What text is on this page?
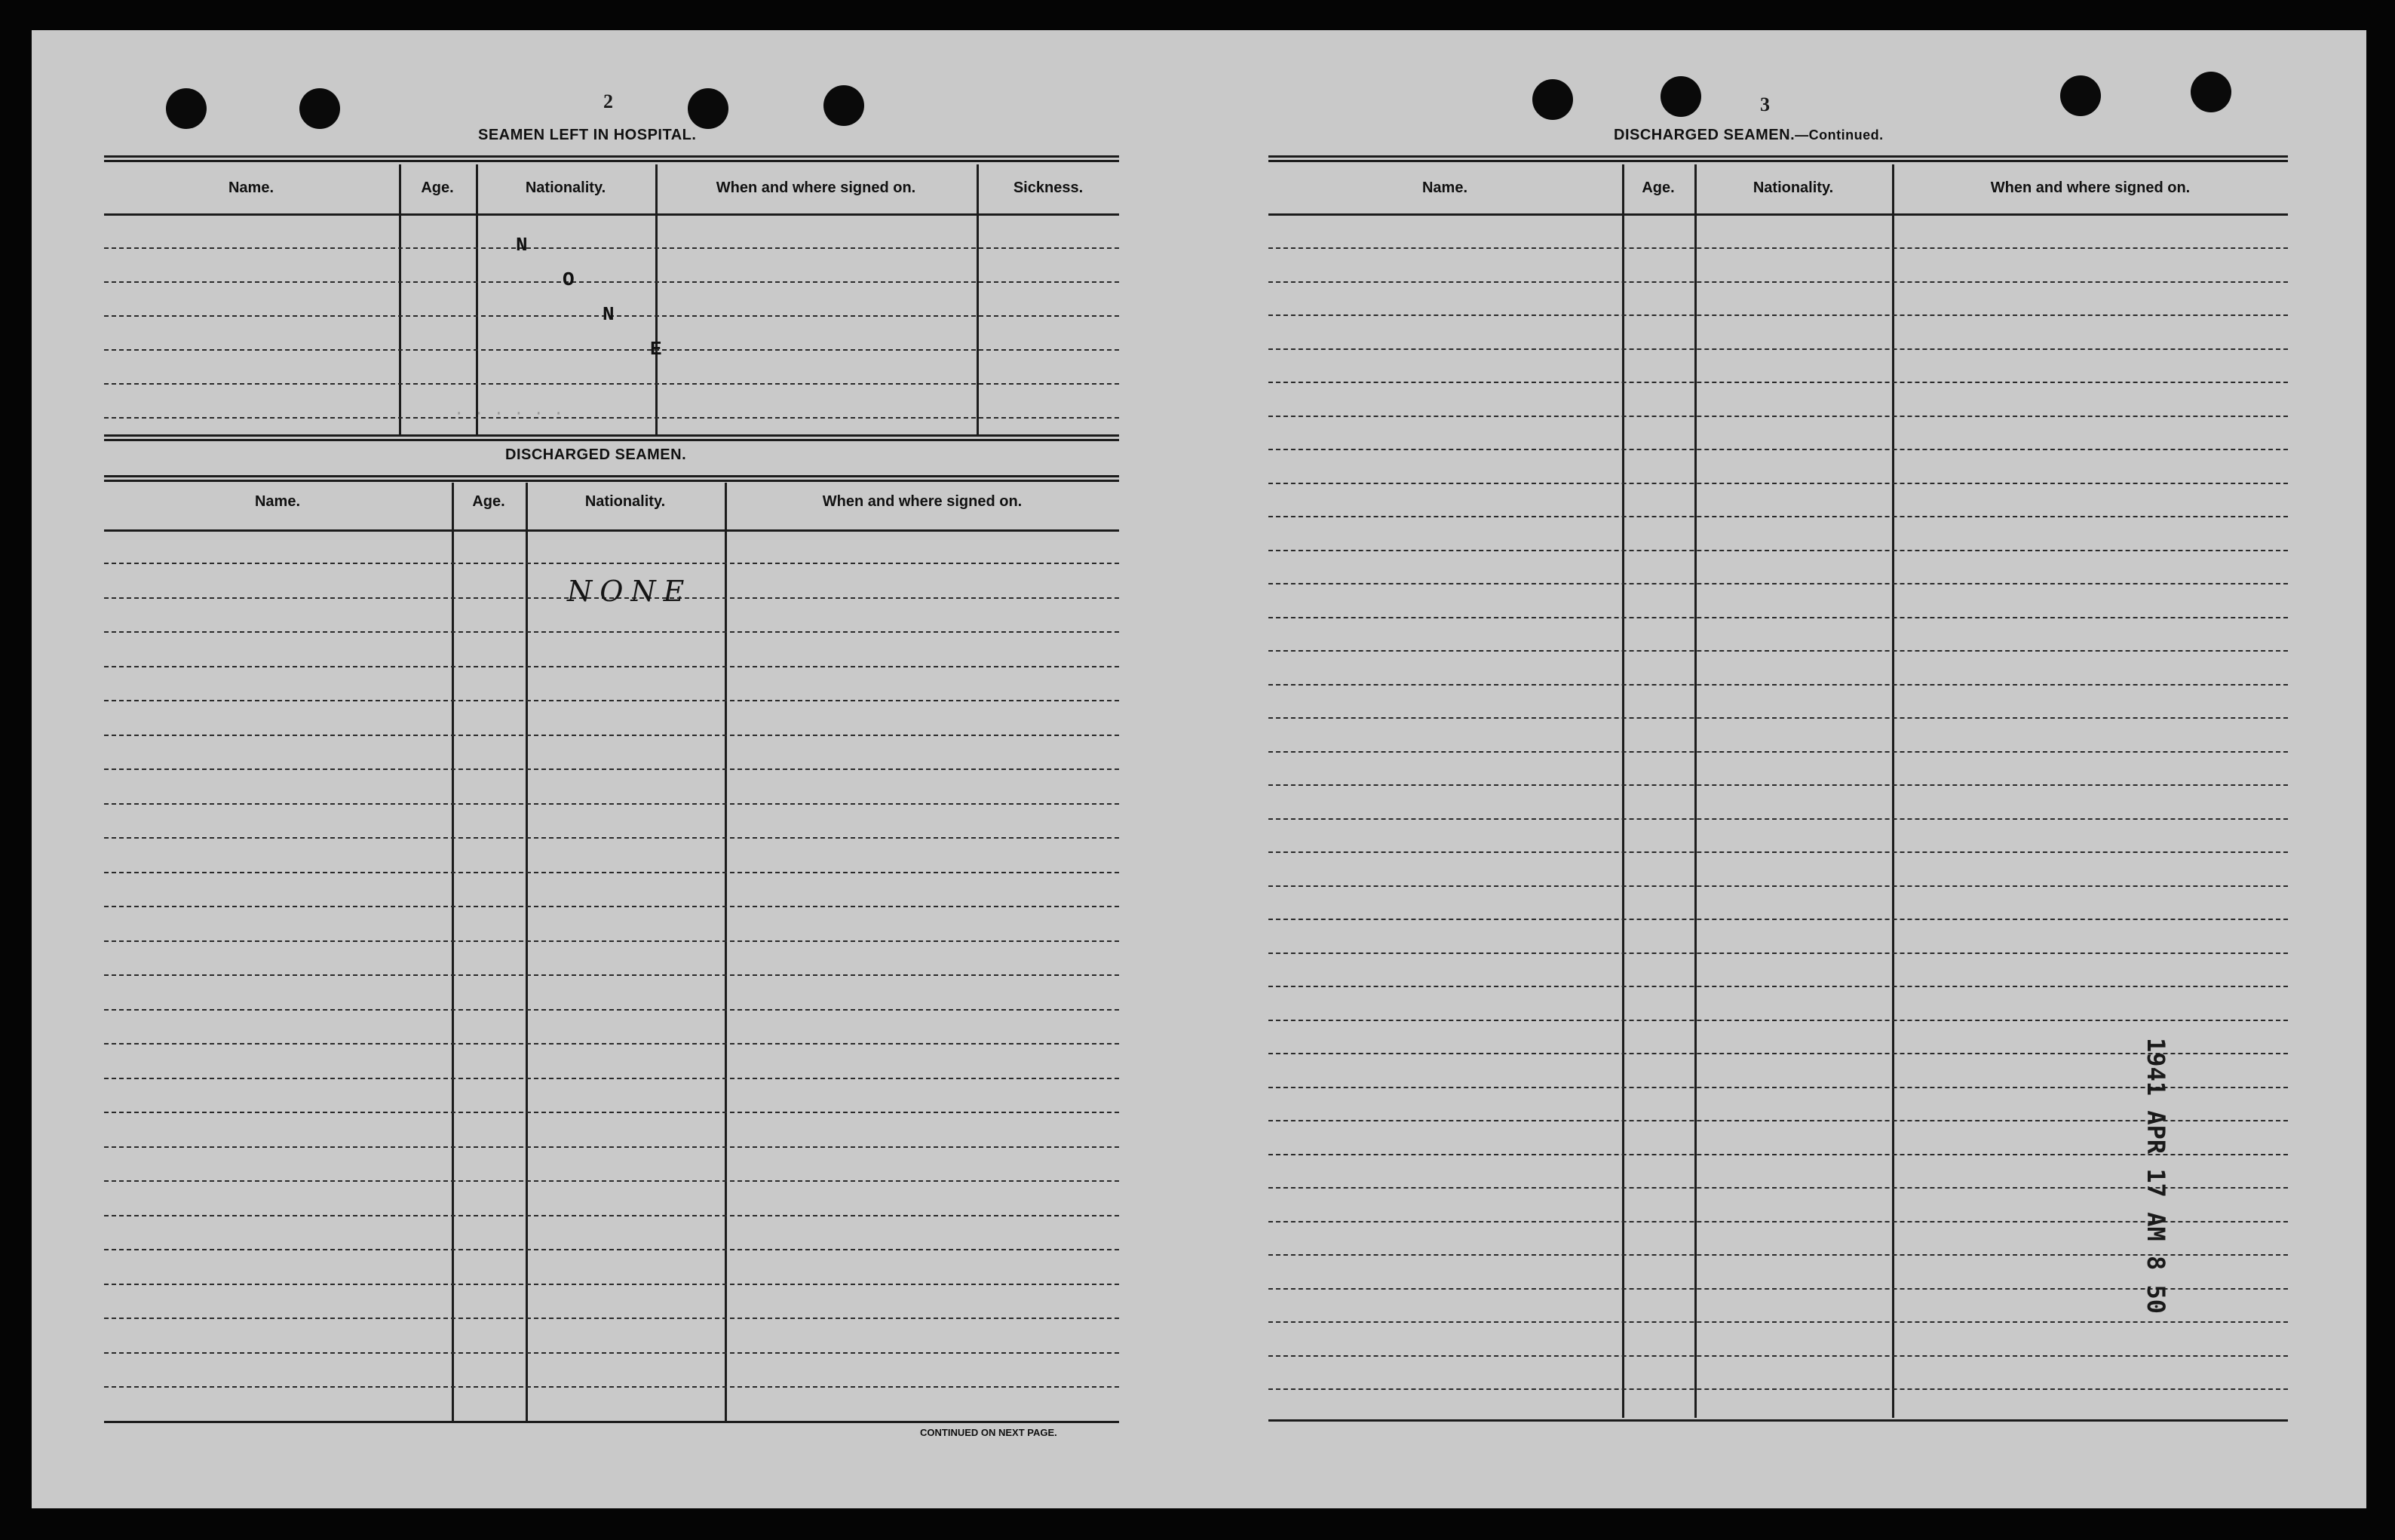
2
SEAMEN LEFT IN HOSPITAL.
Name.	Age.	Nationality.	When and where signed on.	Sickness.
N
O
N
E
DISCHARGED SEAMEN.
Name.	Age.	Nationality.	When and where signed on.
NONE
CONTINUED ON NEXT PAGE.
· · · · · ·
3
DISCHARGED SEAMEN.—Continued.
Name.	Age.	Nationality.	When and where signed on.
1941 APR 17 AM 8 50
